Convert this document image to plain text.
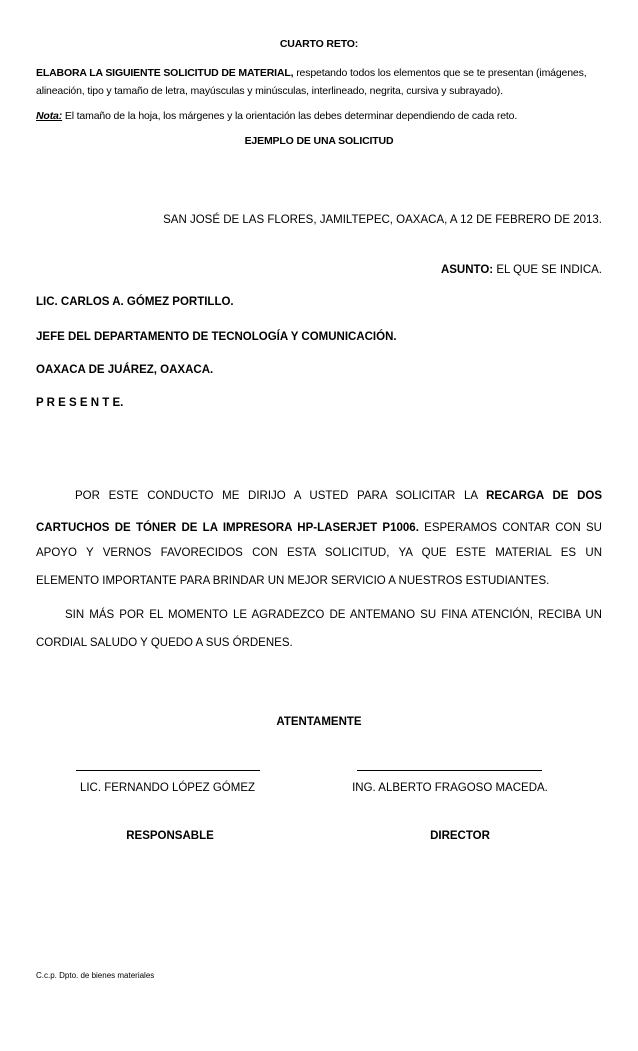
CUARTO RETO:
ELABORA LA SIGUIENTE SOLICITUD DE MATERIAL, respetando todos los elementos que se te presentan (imágenes,
alineación, tipo y tamaño de letra, mayúsculas y minúsculas, interlineado, negrita, cursiva y subrayado).
Nota: El tamaño de la hoja, los márgenes y la orientación las debes determinar dependiendo de cada reto.
EJEMPLO DE UNA SOLICITUD
SAN JOSÉ DE LAS FLORES, JAMILTEPEC, OAXACA, A 12 DE FEBRERO DE 2013.
ASUNTO: EL QUE SE INDICA.
LIC. CARLOS A. GÓMEZ PORTILLO.
JEFE DEL DEPARTAMENTO DE TECNOLOGÍA Y COMUNICACIÓN.
OAXACA DE JUÁREZ, OAXACA.
P R E S E N T E.
POR ESTE CONDUCTO ME DIRIJO A USTED PARA SOLICITAR LA RECARGA DE DOS
CARTUCHOS DE TÓNER DE LA IMPRESORA HP-LASERJET P1006. ESPERAMOS CONTAR CON SU
APOYO Y VERNOS FAVORECIDOS CON ESTA SOLICITUD, YA QUE ESTE MATERIAL ES UN
ELEMENTO IMPORTANTE PARA BRINDAR UN MEJOR SERVICIO A NUESTROS ESTUDIANTES.
SIN MÁS POR EL MOMENTO LE AGRADEZCO DE ANTEMANO SU FINA ATENCIÓN, RECIBA UN
CORDIAL SALUDO Y QUEDO A SUS ÓRDENES.
ATENTAMENTE
LIC. FERNANDO LÓPEZ GÓMEZ	ING. ALBERTO FRAGOSO MACEDA.
RESPONSABLE	DIRECTOR
C.c.p. Dpto. de bienes materiales
